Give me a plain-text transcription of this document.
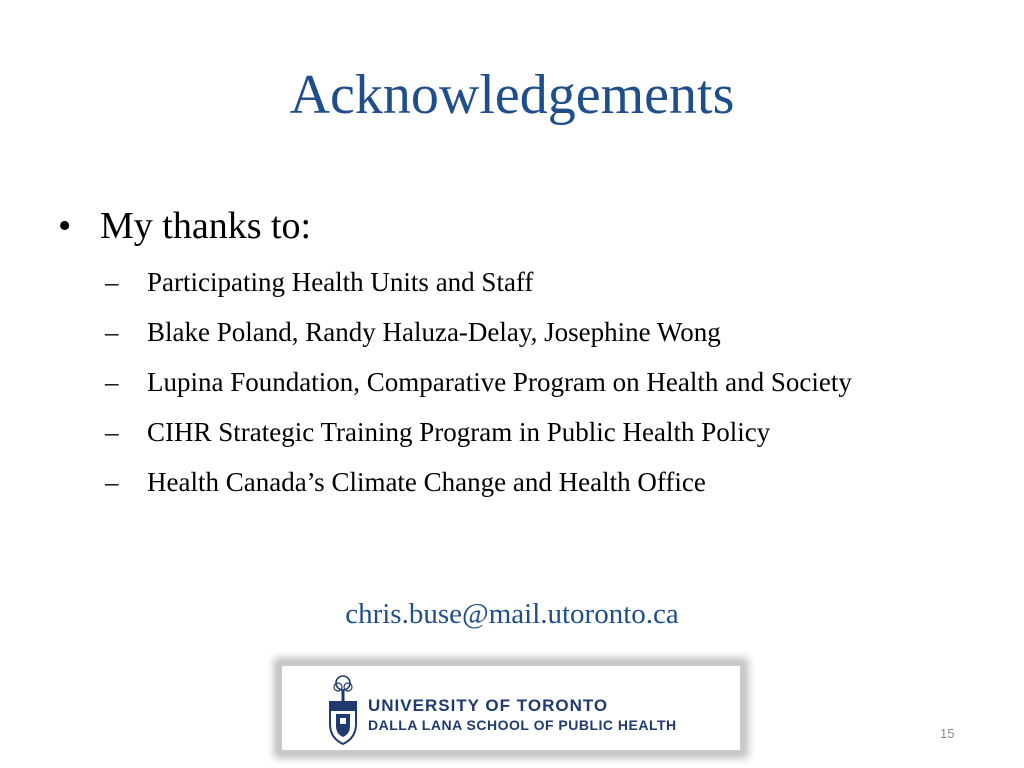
Acknowledgements
• My thanks to:
– Participating Health Units and Staff
– Blake Poland, Randy Haluza-Delay, Josephine Wong
– Lupina Foundation, Comparative Program on Health and Society
– CIHR Strategic Training Program in Public Health Policy
– Health Canada’s Climate Change and Health Office
chris.buse@mail.utoronto.ca
UNIVERSITY OF TORONTO
DALLA LANA SCHOOL OF PUBLIC HEALTH
15
